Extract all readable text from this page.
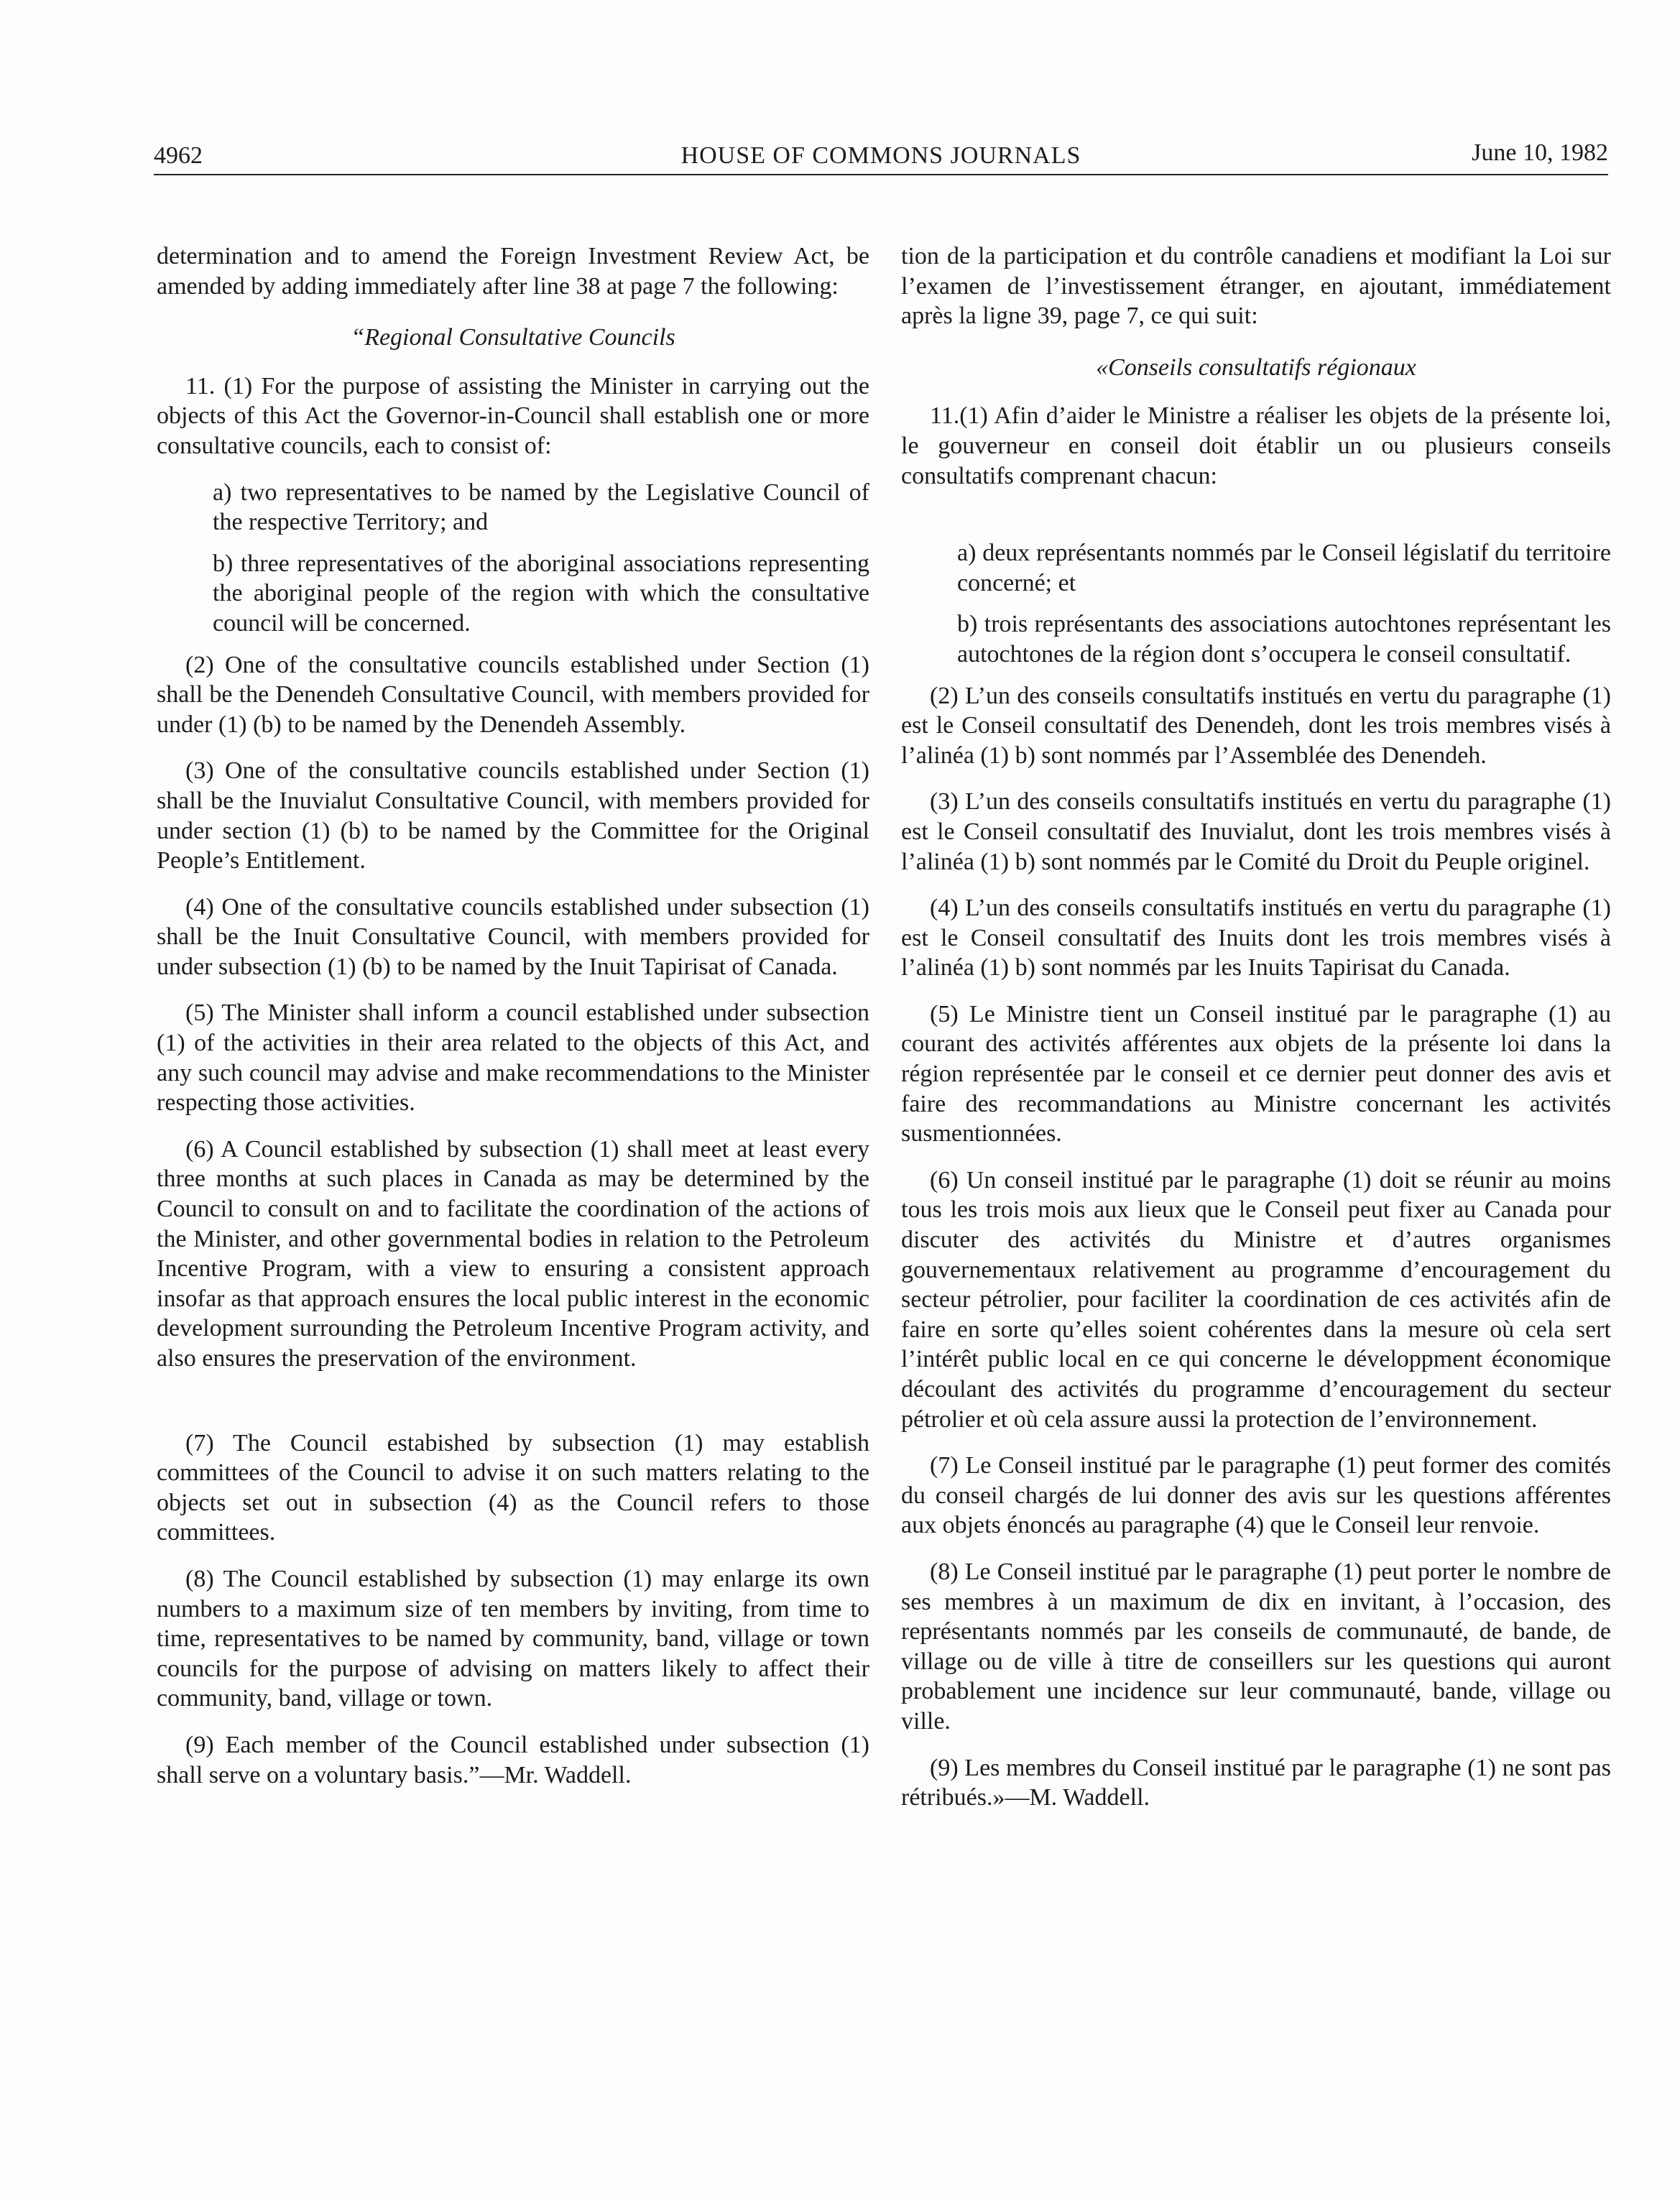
4962	HOUSE OF COMMONS JOURNALS	June 10, 1982

determination and to amend the Foreign Investment Review Act, be amended by adding immediately after line 38 at page 7 the following:

“Regional Consultative Councils

11. (1) For the purpose of assisting the Minister in carrying out the objects of this Act the Governor-in-Council shall establish one or more consultative councils, each to consist of:

a) two representatives to be named by the Legislative Council of the respective Territory; and

b) three representatives of the aboriginal associations representing the aboriginal people of the region with which the consultative council will be concerned.

(2) One of the consultative councils established under Section (1) shall be the Denendeh Consultative Council, with members provided for under (1) (b) to be named by the Denendeh Assembly.

(3) One of the consultative councils established under Section (1) shall be the Inuvialut Consultative Council, with members provided for under section (1) (b) to be named by the Committee for the Original People’s Entitlement.

(4) One of the consultative councils established under subsection (1) shall be the Inuit Consultative Council, with members provided for under subsection (1) (b) to be named by the Inuit Tapirisat of Canada.

(5) The Minister shall inform a council established under subsection (1) of the activities in their area related to the objects of this Act, and any such council may advise and make recommendations to the Minister respecting those activities.

(6) A Council established by subsection (1) shall meet at least every three months at such places in Canada as may be determined by the Council to consult on and to facilitate the coordination of the actions of the Minister, and other governmental bodies in relation to the Petroleum Incentive Program, with a view to ensuring a consistent approach insofar as that approach ensures the local public interest in the economic development surrounding the Petroleum Incentive Program activity, and also ensures the preservation of the environment.

(7) The Council estabished by subsection (1) may establish committees of the Council to advise it on such matters relating to the objects set out in subsection (4) as the Council refers to those committees.

(8) The Council established by subsection (1) may enlarge its own numbers to a maximum size of ten members by inviting, from time to time, representatives to be named by community, band, village or town councils for the purpose of advising on matters likely to affect their community, band, village or town.

(9) Each member of the Council established under subsection (1) shall serve on a voluntary basis.”—Mr. Waddell.

tion de la participation et du contrôle canadiens et modifiant la Loi sur l’examen de l’investissement étranger, en ajoutant, immédiatement après la ligne 39, page 7, ce qui suit:

«Conseils consultatifs régionaux

11.(1) Afin d’aider le Ministre a réaliser les objets de la présente loi, le gouverneur en conseil doit établir un ou plusieurs conseils consultatifs comprenant chacun:

a) deux représentants nommés par le Conseil législatif du territoire concerné; et

b) trois représentants des associations autochtones représentant les autochtones de la région dont s’occupera le conseil consultatif.

(2) L’un des conseils consultatifs institués en vertu du paragraphe (1) est le Conseil consultatif des Denendeh, dont les trois membres visés à l’alinéa (1) b) sont nommés par l’Assemblée des Denendeh.

(3) L’un des conseils consultatifs institués en vertu du paragraphe (1) est le Conseil consultatif des Inuvialut, dont les trois membres visés à l’alinéa (1) b) sont nommés par le Comité du Droit du Peuple originel.

(4) L’un des conseils consultatifs institués en vertu du paragraphe (1) est le Conseil consultatif des Inuits dont les trois membres visés à l’alinéa (1) b) sont nommés par les Inuits Tapirisat du Canada.

(5) Le Ministre tient un Conseil institué par le paragraphe (1) au courant des activités afférentes aux objets de la présente loi dans la région représentée par le conseil et ce dernier peut donner des avis et faire des recommandations au Ministre concernant les activités susmentionnées.

(6) Un conseil institué par le paragraphe (1) doit se réunir au moins tous les trois mois aux lieux que le Conseil peut fixer au Canada pour discuter des activités du Ministre et d’autres organismes gouvernementaux relativement au programme d’encouragement du secteur pétrolier, pour faciliter la coordination de ces activités afin de faire en sorte qu’elles soient cohérentes dans la mesure où cela sert l’intérêt public local en ce qui concerne le développment économique découlant des activités du programme d’encouragement du secteur pétrolier et où cela assure aussi la protection de l’environnement.

(7) Le Conseil institué par le paragraphe (1) peut former des comités du conseil chargés de lui donner des avis sur les questions afférentes aux objets énoncés au paragraphe (4) que le Conseil leur renvoie.

(8) Le Conseil institué par le paragraphe (1) peut porter le nombre de ses membres à un maximum de dix en invitant, à l’occasion, des représentants nommés par les conseils de communauté, de bande, de village ou de ville à titre de conseillers sur les questions qui auront probablement une incidence sur leur communauté, bande, village ou ville.

(9) Les membres du Conseil institué par le paragraphe (1) ne sont pas rétribués.»—M. Waddell.
